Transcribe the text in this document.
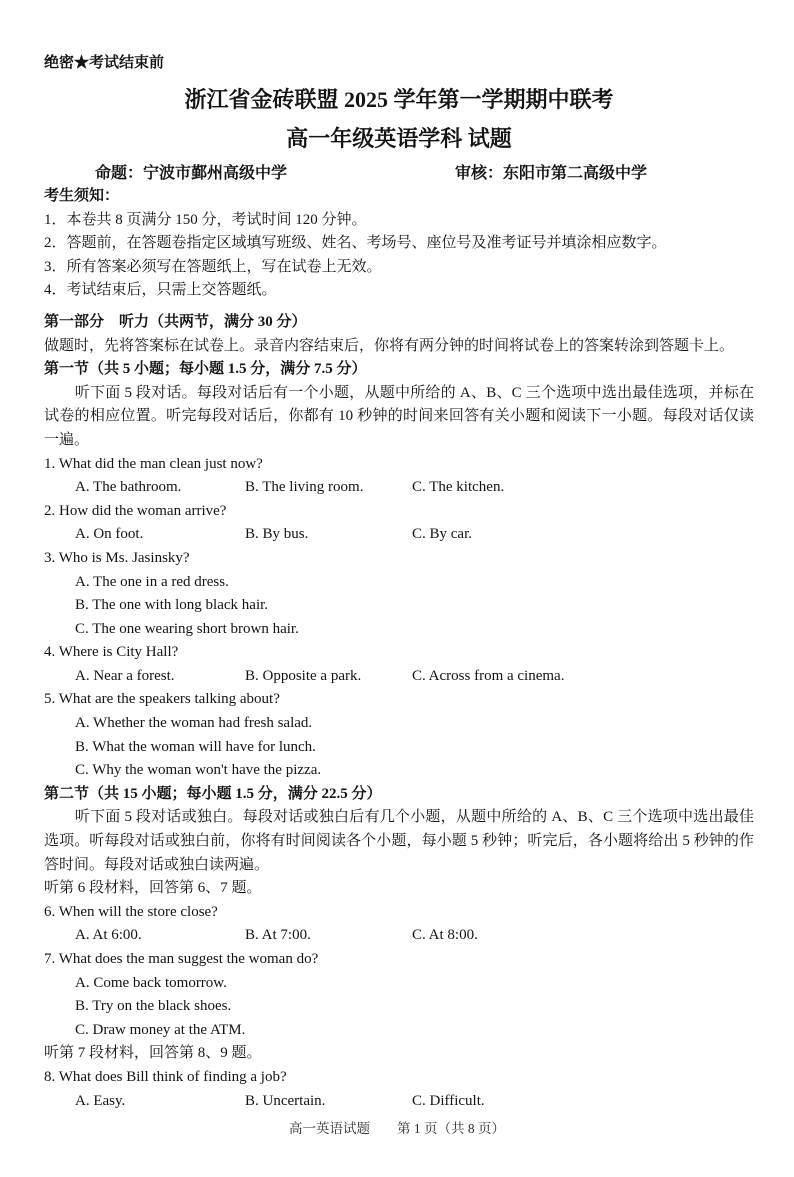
绝密★考试结束前
浙江省金砖联盟 2025 学年第一学期期中联考
高一年级英语学科 试题
命题：宁波市鄞州高级中学	审核：东阳市第二高级中学
考生须知：
1．本卷共 8 页满分 150 分，考试时间 120 分钟。
2．答题前，在答题卷指定区域填写班级、姓名、考场号、座位号及准考证号并填涂相应数字。
3．所有答案必须写在答题纸上，写在试卷上无效。
4．考试结束后，只需上交答题纸。
第一部分　听力（共两节，满分 30 分）
做题时，先将答案标在试卷上。录音内容结束后，你将有两分钟的时间将试卷上的答案转涂到答题卡上。
第一节（共 5 小题；每小题 1.5 分，满分 7.5 分）

听下面 5 段对话。每段对话后有一个小题，从题中所给的 A、B、C 三个选项中选出最佳选项，并标在试卷的相应位置。听完每段对话后，你都有 10 秒钟的时间来回答有关小题和阅读下一小题。每段对话仅读一遍。

1. What did the man clean just now?
A. The bathroom.	B. The living room.	C. The kitchen.
2. How did the woman arrive?
A. On foot.	B. By bus.	C. By car.
3. Who is Ms. Jasinsky?
A. The one in a red dress.
B. The one with long black hair.
C. The one wearing short brown hair.
4. Where is City Hall?
A. Near a forest.	B. Opposite a park.	C. Across from a cinema.
5. What are the speakers talking about?
A. Whether the woman had fresh salad.
B. What the woman will have for lunch.
C. Why the woman won't have the pizza.
第二节（共 15 小题；每小题 1.5 分，满分 22.5 分）

听下面 5 段对话或独白。每段对话或独白后有几个小题，从题中所给的 A、B、C 三个选项中选出最佳选项。听每段对话或独白前，你将有时间阅读各个小题，每小题 5 秒钟；听完后，各小题将给出 5 秒钟的作答时间。每段对话或独白读两遍。

听第 6 段材料，回答第 6、7 题。
6. When will the store close?
A. At 6:00.	B. At 7:00.	C. At 8:00.
7. What does the man suggest the woman do?
A. Come back tomorrow.
B. Try on the black shoes.
C. Draw money at the ATM.
听第 7 段材料，回答第 8、9 题。
8. What does Bill think of finding a job?
A. Easy.	B. Uncertain.	C. Difficult.
高一英语试题　　第 1 页（共 8 页）
